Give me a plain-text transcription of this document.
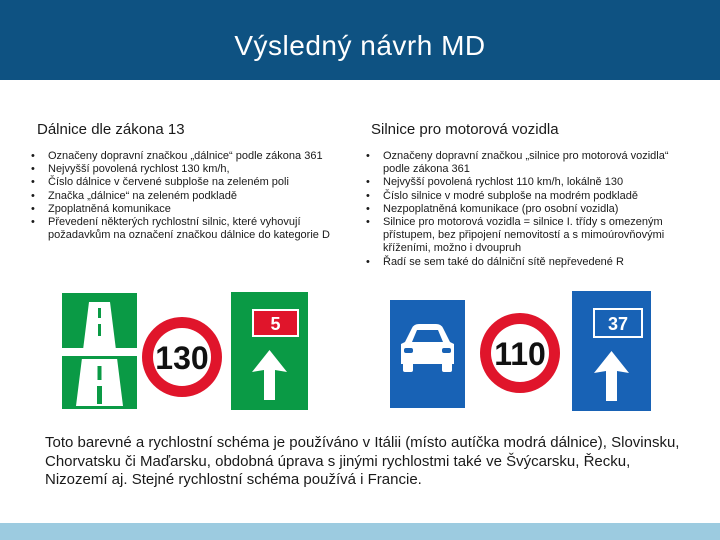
Výsledný návrh MD
Dálnice dle zákona 13
• Označeny dopravní značkou „dálnice“ podle zákona 361
• Nejvyšší povolená rychlost 130 km/h,
• Číslo dálnice v červené subploše na zeleném poli
• Značka „dálnice“ na zeleném podkladě
• Zpoplatněná komunikace
• Převedení některých rychlostní silnic, které vyhovují požadavkům na označení značkou dálnice do kategorie D
130
5
Silnice pro motorová vozidla
• Označeny dopravní značkou „silnice pro motorová vozidla“ podle zákona 361
• Nejvyšší povolená rychlost 110 km/h, lokálně 130
• Číslo silnice v modré subploše na modrém podkladě
• Nezpoplatněná komunikace (pro osobní vozidla)
• Silnice pro motorová vozidla = silnice I. třídy s omezeným přístupem, bez připojení nemovitostí a s mimoúrovňovými kříženími, možno i dvoupruh
• Řadí se sem také do dálniční sítě nepřevedené R
110
37
Toto barevné a rychlostní schéma je používáno v Itálii (místo autíčka modrá dálnice), Slovinsku, Chorvatsku či Maďarsku, obdobná úprava s jinými rychlostmi také ve Švýcarsku, Řecku, Nizozemí aj. Stejné rychlostní schéma používá i Francie.
